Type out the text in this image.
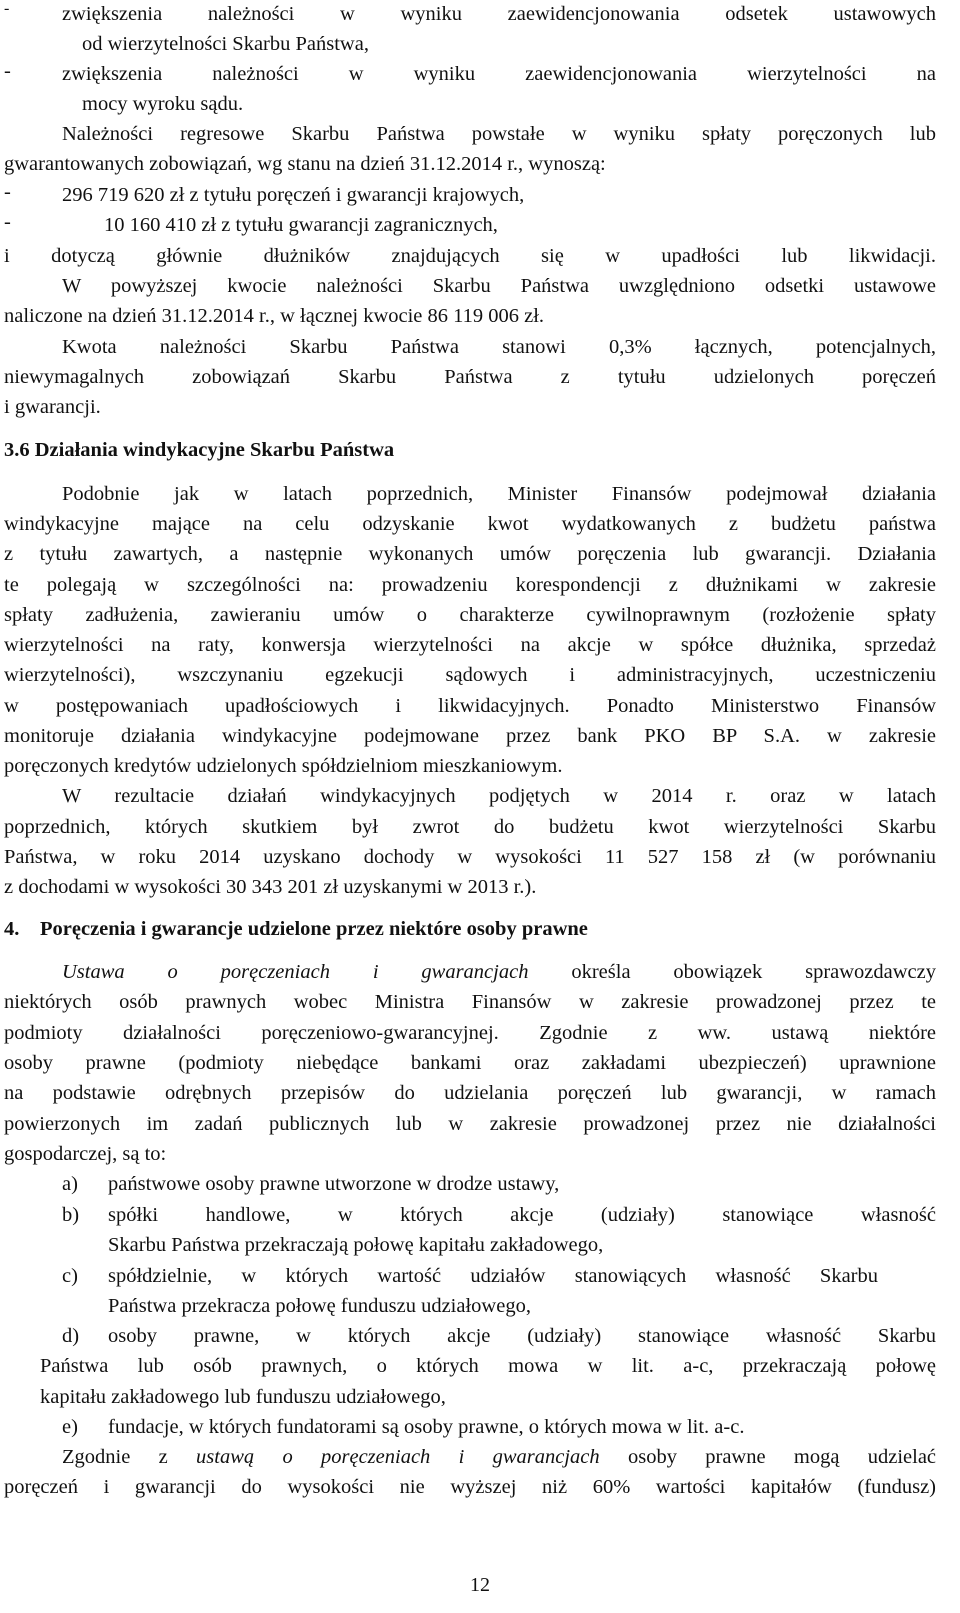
-	zwiększenia należności w wyniku zaewidencjonowania odsetek ustawowych
od wierzytelności Skarbu Państwa,
- zwiększenia należności w wyniku zaewidencjonowania wierzytelności na
mocy wyroku sądu.
Należności regresowe Skarbu Państwa powstałe w wyniku spłaty poręczonych lub
gwarantowanych zobowiązań, wg stanu na dzień 31.12.2014 r., wynoszą:
- 296 719 620 zł z tytułu poręczeń i gwarancji krajowych,
-	10 160 410 zł z tytułu gwarancji zagranicznych,
i dotyczą głównie dłużników znajdujących się w upadłości lub likwidacji.
W powyższej kwocie należności Skarbu Państwa uwzględniono odsetki ustawowe
naliczone na dzień 31.12.2014 r., w łącznej kwocie 86 119 006 zł.
Kwota należności Skarbu Państwa stanowi 0,3% łącznych, potencjalnych,
niewymagalnych zobowiązań Skarbu Państwa z tytułu udzielonych poręczeń
i gwarancji.
3.6 Działania windykacyjne Skarbu Państwa
Podobnie jak w latach poprzednich, Minister Finansów podejmował działania
windykacyjne mające na celu odzyskanie kwot wydatkowanych z budżetu państwa
z tytułu zawartych, a następnie wykonanych umów poręczenia lub gwarancji. Działania
te polegają w szczególności na: prowadzeniu korespondencji z dłużnikami w zakresie
spłaty zadłużenia, zawieraniu umów o charakterze cywilnoprawnym (rozłożenie spłaty
wierzytelności na raty, konwersja wierzytelności na akcje w spółce dłużnika, sprzedaż
wierzytelności), wszczynaniu egzekucji sądowych i administracyjnych, uczestniczeniu
w postępowaniach upadłościowych i likwidacyjnych. Ponadto Ministerstwo Finansów
monitoruje działania windykacyjne podejmowane przez bank PKO BP S.A. w zakresie
poręczonych kredytów udzielonych spółdzielniom mieszkaniowym.
W rezultacie działań windykacyjnych podjętych w 2014 r. oraz w latach
poprzednich, których skutkiem był zwrot do budżetu kwot wierzytelności Skarbu
Państwa, w roku 2014 uzyskano dochody w wysokości 11 527 158 zł (w porównaniu
z dochodami w wysokości 30 343 201 zł uzyskanymi w 2013 r.).
4. Poręczenia i gwarancje udzielone przez niektóre osoby prawne
Ustawa o poręczeniach i gwarancjach określa obowiązek sprawozdawczy
niektórych osób prawnych wobec Ministra Finansów w zakresie prowadzonej przez te
podmioty działalności poręczeniowo-gwarancyjnej. Zgodnie z ww. ustawą niektóre
osoby prawne (podmioty niebędące bankami oraz zakładami ubezpieczeń) uprawnione
na podstawie odrębnych przepisów do udzielania poręczeń lub gwarancji, w ramach
powierzonych im zadań publicznych lub w zakresie prowadzonej przez nie działalności
gospodarczej, są to:
a) państwowe osoby prawne utworzone w drodze ustawy,
b) spółki handlowe, w których akcje (udziały) stanowiące własność
Skarbu Państwa przekraczają połowę kapitału zakładowego,
c) spółdzielnie, w których wartość udziałów stanowiących własność Skarbu
Państwa przekracza połowę funduszu udziałowego,
d) osoby prawne, w których akcje (udziały) stanowiące własność Skarbu
Państwa lub osób prawnych, o których mowa w lit. a-c, przekraczają połowę
kapitału zakładowego lub funduszu udziałowego,
e) fundacje, w których fundatorami są osoby prawne, o których mowa w lit. a-c.
Zgodnie z ustawą o poręczeniach i gwarancjach osoby prawne mogą udzielać
poręczeń i gwarancji do wysokości nie wyższej niż 60% wartości kapitałów (fundusz)
12
